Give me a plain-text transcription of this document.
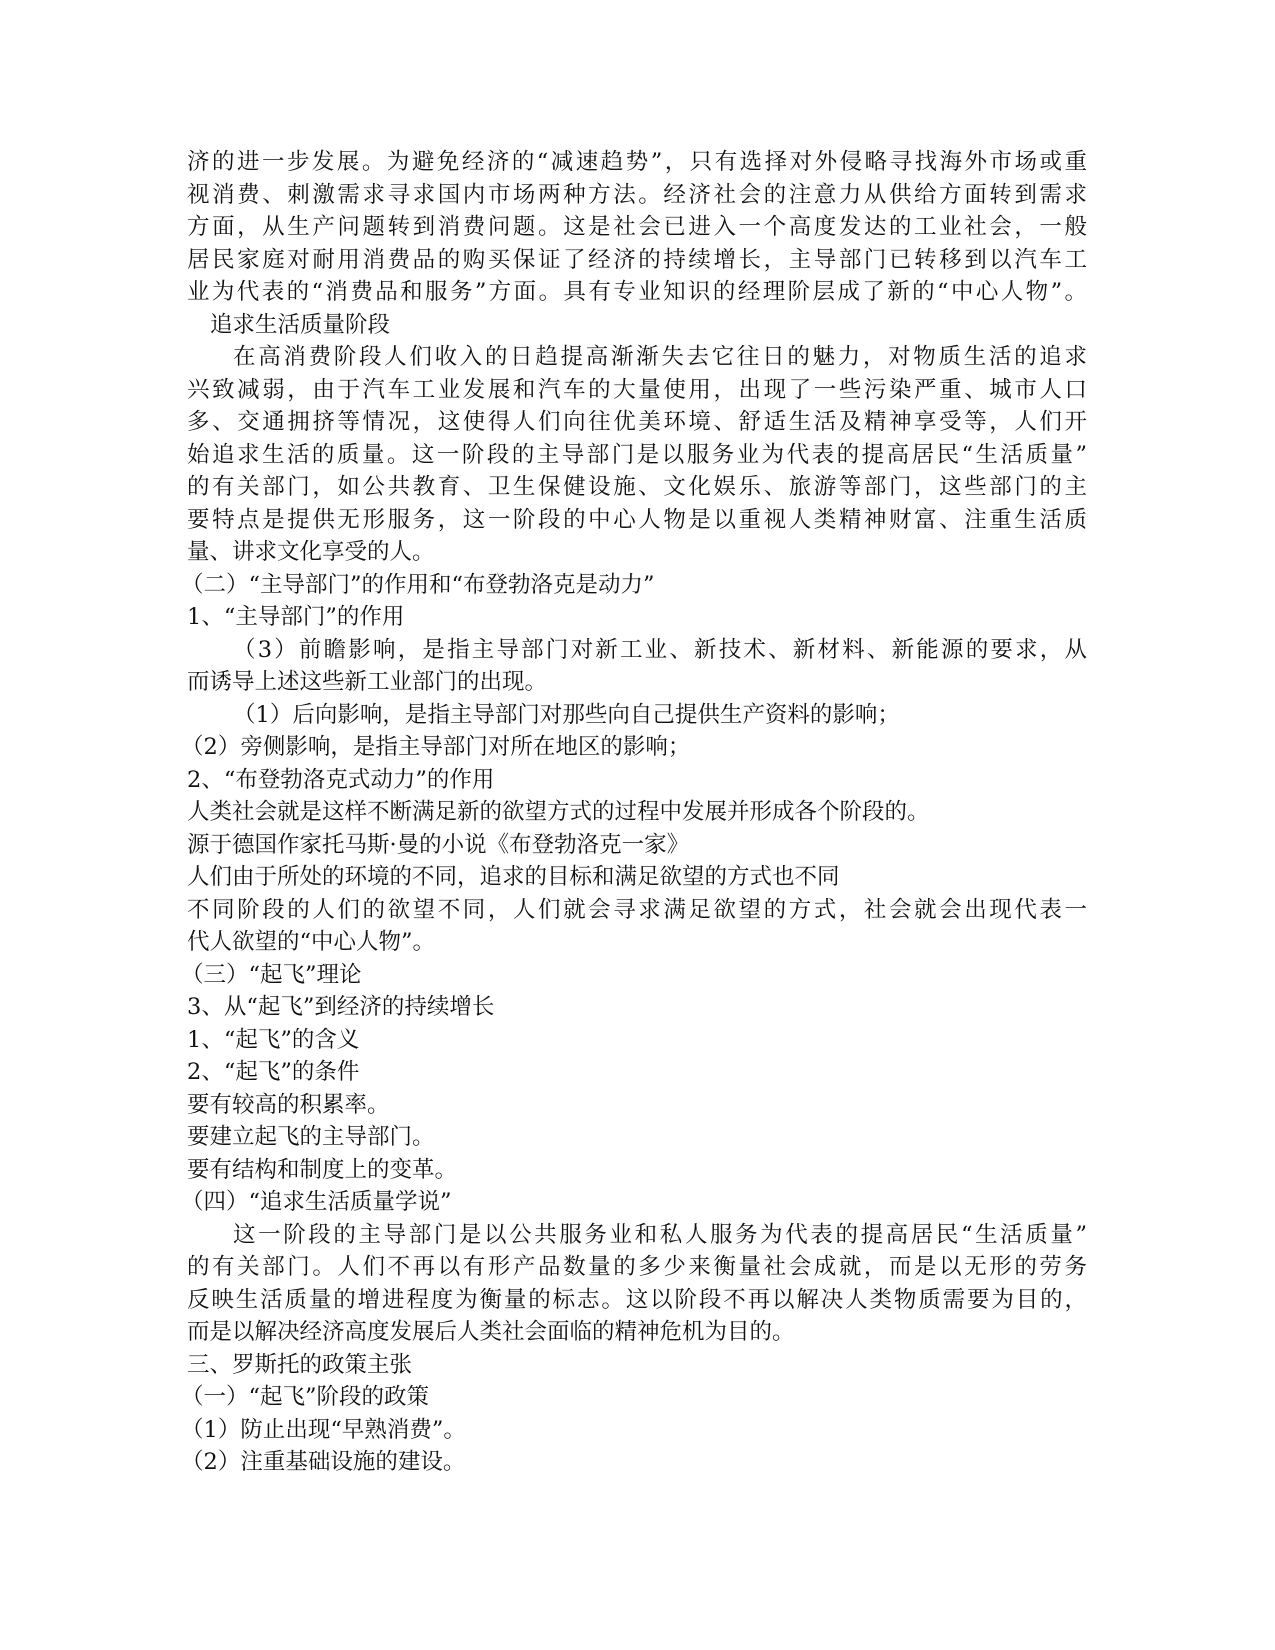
济的进一步发展。为避免经济的“减速趋势”，只有选择对外侵略寻找海外市场或重
视消费、刺激需求寻求国内市场两种方法。经济社会的注意力从供给方面转到需求
方面，从生产问题转到消费问题。这是社会已进入一个高度发达的工业社会，一般
居民家庭对耐用消费品的购买保证了经济的持续增长，主导部门已转移到以汽车工
业为代表的“消费品和服务”方面。具有专业知识的经理阶层成了新的“中心人物”。
追求生活质量阶段
在高消费阶段人们收入的日趋提高渐渐失去它往日的魅力，对物质生活的追求
兴致减弱，由于汽车工业发展和汽车的大量使用，出现了一些污染严重、城市人口
多、交通拥挤等情况，这使得人们向往优美环境、舒适生活及精神享受等，人们开
始追求生活的质量。这一阶段的主导部门是以服务业为代表的提高居民“生活质量”
的有关部门，如公共教育、卫生保健设施、文化娱乐、旅游等部门，这些部门的主
要特点是提供无形服务，这一阶段的中心人物是以重视人类精神财富、注重生活质
量、讲求文化享受的人。
（二）“主导部门”的作用和“布登勃洛克是动力”
1、“主导部门”的作用
（3）前瞻影响，是指主导部门对新工业、新技术、新材料、新能源的要求，从
而诱导上述这些新工业部门的出现。
（1）后向影响，是指主导部门对那些向自己提供生产资料的影响；
（2）旁侧影响，是指主导部门对所在地区的影响；
2、“布登勃洛克式动力”的作用
人类社会就是这样不断满足新的欲望方式的过程中发展并形成各个阶段的。
源于德国作家托马斯·曼的小说《布登勃洛克一家》
人们由于所处的环境的不同，追求的目标和满足欲望的方式也不同
不同阶段的人们的欲望不同，人们就会寻求满足欲望的方式，社会就会出现代表一
代人欲望的“中心人物”。
（三）“起飞”理论
3、从“起飞”到经济的持续增长
1、“起飞”的含义
2、“起飞”的条件
要有较高的积累率。
要建立起飞的主导部门。
要有结构和制度上的变革。
（四）“追求生活质量学说”
这一阶段的主导部门是以公共服务业和私人服务为代表的提高居民“生活质量”
的有关部门。人们不再以有形产品数量的多少来衡量社会成就，而是以无形的劳务
反映生活质量的增进程度为衡量的标志。这以阶段不再以解决人类物质需要为目的，
而是以解决经济高度发展后人类社会面临的精神危机为目的。
三、罗斯托的政策主张
（一）“起飞”阶段的政策
（1）防止出现“早熟消费”。
（2）注重基础设施的建设。
